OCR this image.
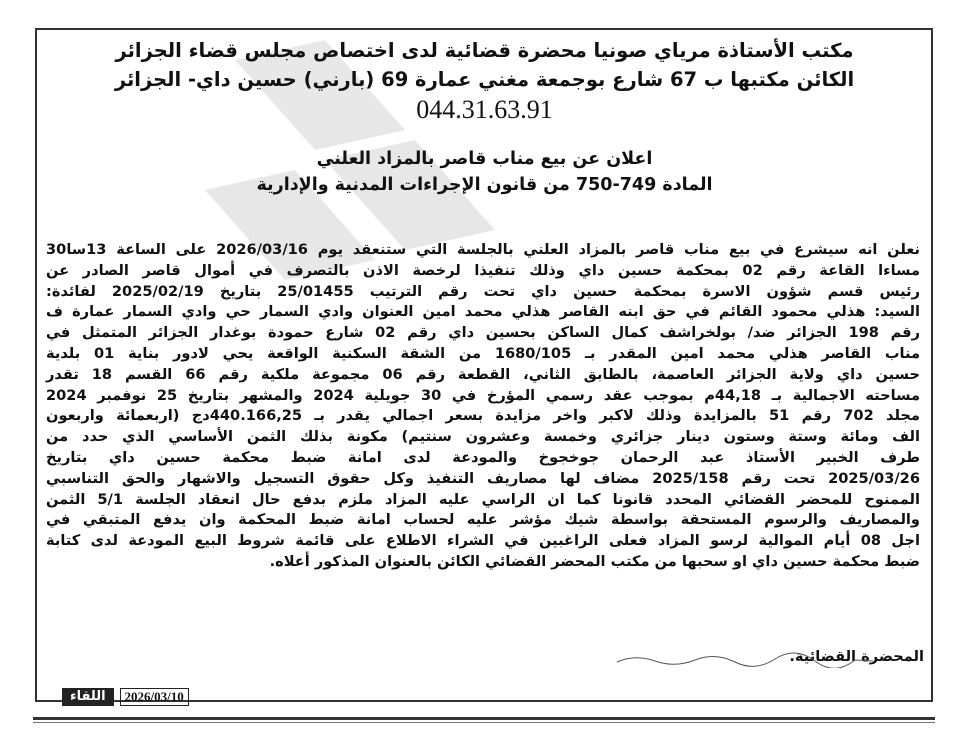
مكتب الأستاذة مرياي صونيا محضرة قضائية لدى اختصاص مجلس قضاء الجزائر
الكائن مكتبها ب 67 شارع بوجمعة مغني عمارة 69 (بارني) حسين داي- الجزائر
044.31.63.91
اعلان عن بيع مناب قاصر بالمزاد العلني
المادة 749-750 من قانون الإجراءات المدنية والإدارية
نعلن انه سيشرع في بيع مناب قاصر بالمزاد العلني بالجلسة التي ستنعقد يوم 2026/03/16 على الساعة 13سا30
مساءا القاعة رقم 02 بمحكمة حسين داي وذلك تنفيذا لرخصة الاذن بالتصرف في أموال قاصر الصادر عن
رئيس قسم شؤون الاسرة بمحكمة حسين داي تحت رقم الترتيب 25/01455 بتاريخ 2025/02/19 لفائدة:
السيد: هذلي محمود القائم في حق ابنه القاصر هذلي محمد امين العنوان وادي السمار حي وادي السمار عمارة ف
رقم 198 الجزائر ضد/ بولخراشف كمال الساكن بحسين داي رقم 02 شارع حمودة بوغدار الجزائر المتمثل في
مناب القاصر هذلي محمد امين المقدر بـ 1680/105 من الشقة السكنية الواقعة يحي لادور بناية 01 بلدية
حسين داي ولاية الجزائر العاصمة، بالطابق الثاني، القطعة رقم 06 مجموعة ملكية رقم 66 القسم 18 تقدر
مساحته الاجمالية بـ 44,18م بموجب عقد رسمي المؤرخ في 30 جويلية 2024 والمشهر بتاريخ 25 نوفمبر 2024
مجلد 702 رقم 51 بالمزايدة وذلك لاكبر واخر مزايدة بسعر اجمالي يقدر بـ 440.166,25دج (اربعمائة واربعون
الف ومائة وستة وستون دينار جزائري وخمسة وعشرون سنتيم) مكونة بذلك الثمن الأساسي الذي حدد من
طرف الخبير الأستاذ عبد الرحمان جوخجوخ والمودعة لدى امانة ضبط محكمة حسين داي بتاريخ
2025/03/26 تحت رقم 2025/158 مضاف لها مصاريف التنفيذ وكل حقوق التسجيل والاشهار والحق التناسبي
الممنوح للمحضر القضائي المحدد قانونا كما ان الراسي عليه المزاد ملزم بدفع حال انعقاد الجلسة 5/1 الثمن
والمصاريف والرسوم المستحقة بواسطة شيك مؤشر عليه لحساب امانة ضبط المحكمة وان يدفع المتبقي في
اجل 08 أيام الموالية لرسو المزاد فعلى الراغبين في الشراء الاطلاع على قائمة شروط البيع المودعة لدى كتابة
ضبط محكمة حسين داي او سحبها من مكتب المحضر القضائي الكائن بالعنوان المذكور أعلاه.
المحضرة القضائية.
اللقاء	2026/03/10
